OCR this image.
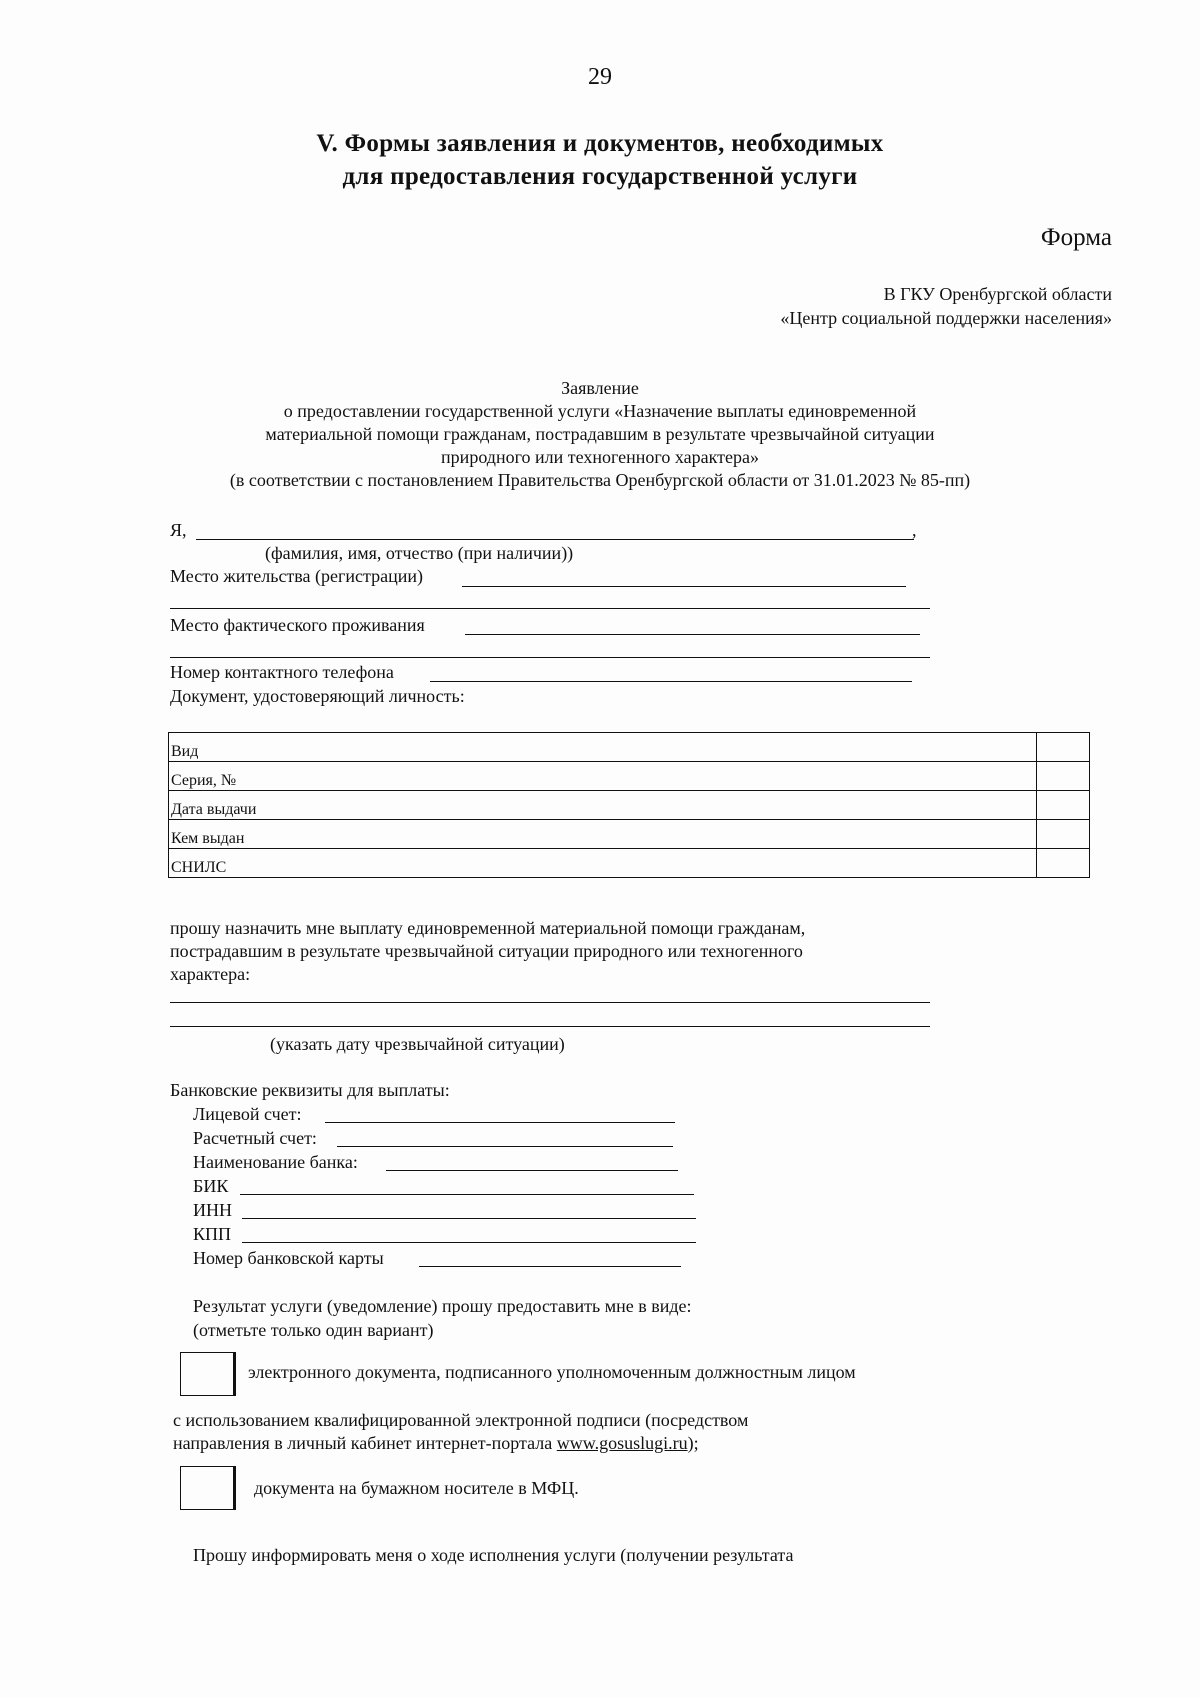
29
V. Формы заявления и документов, необходимых
для предоставления государственной услуги
Форма
В ГКУ Оренбургской области
«Центр социальной поддержки населения»
Заявление
о предоставлении государственной услуги «Назначение выплаты единовременной
материальной помощи гражданам, пострадавшим в результате чрезвычайной ситуации
природного или техногенного характера»
(в соответствии с постановлением Правительства Оренбургской области от 31.01.2023 № 85-пп)
Я,	,
(фамилия, имя, отчество (при наличии))
Место жительства (регистрации)
Место фактического проживания
Номер контактного телефона
Документ, удостоверяющий личность:
Вид	
Серия, №	
Дата выдачи	
Кем выдан	
СНИЛС	
прошу назначить мне выплату единовременной материальной помощи гражданам,
пострадавшим в результате чрезвычайной ситуации природного или техногенного
характера:
(указать дату чрезвычайной ситуации)
Банковские реквизиты для выплаты:
Лицевой счет:
Расчетный счет:
Наименование банка:
БИК
ИНН
КПП
Номер банковской карты
Результат услуги (уведомление) прошу предоставить мне в виде:
(отметьте только один вариант)
электронного документа, подписанного уполномоченным должностным лицом
с использованием квалифицированной электронной подписи (посредством
направления в личный кабинет интернет-портала www.gosuslugi.ru);
документа на бумажном носителе в МФЦ.
Прошу информировать меня о ходе исполнения услуги (получении результата
